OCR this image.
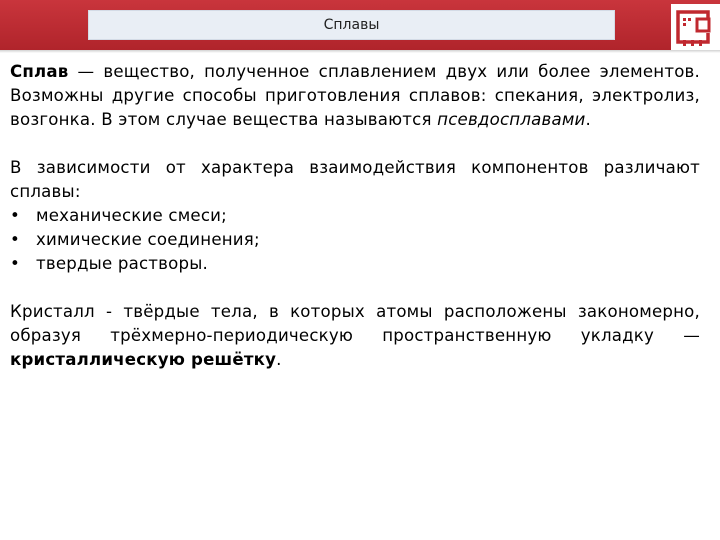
Сплавы

Сплав — вещество, полученное сплавлением двух или более элементов. Возможны другие способы приготовления сплавов: спекания, электролиз, возгонка. В этом случае вещества называются псевдосплавами.

В зависимости от характера взаимодействия компонентов различают сплавы:

• механические смеси;
• химические соединения;
• твердые растворы.

Кристалл - твёрдые тела, в которых атомы расположены закономерно, образуя трёхмерно-периодическую пространственную укладку — кристаллическую решётку.
